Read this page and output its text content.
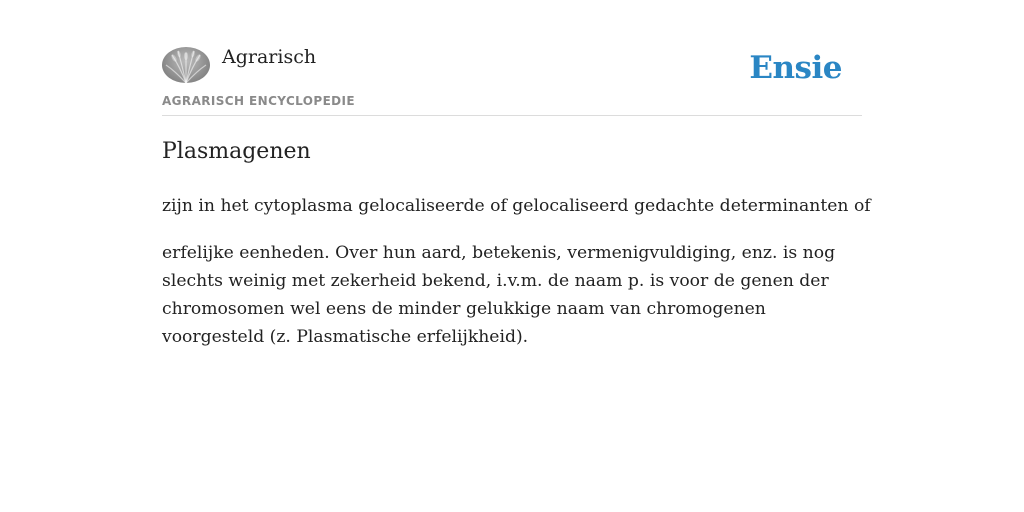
Agrarisch
AGRARISCH ENCYCLOPEDIE
Ensie
Plasmagenen

zijn in het cytoplasma gelocaliseerde of gelocaliseerd gedachte determinanten of

erfelijke eenheden. Over hun aard, betekenis, vermenigvuldiging, enz. is nog slechts weinig met zekerheid bekend, i.v.m. de naam p. is voor de genen der chromosomen wel eens de minder gelukkige naam van chromogenen voorgesteld (z. Plasmatische erfelijkheid).
